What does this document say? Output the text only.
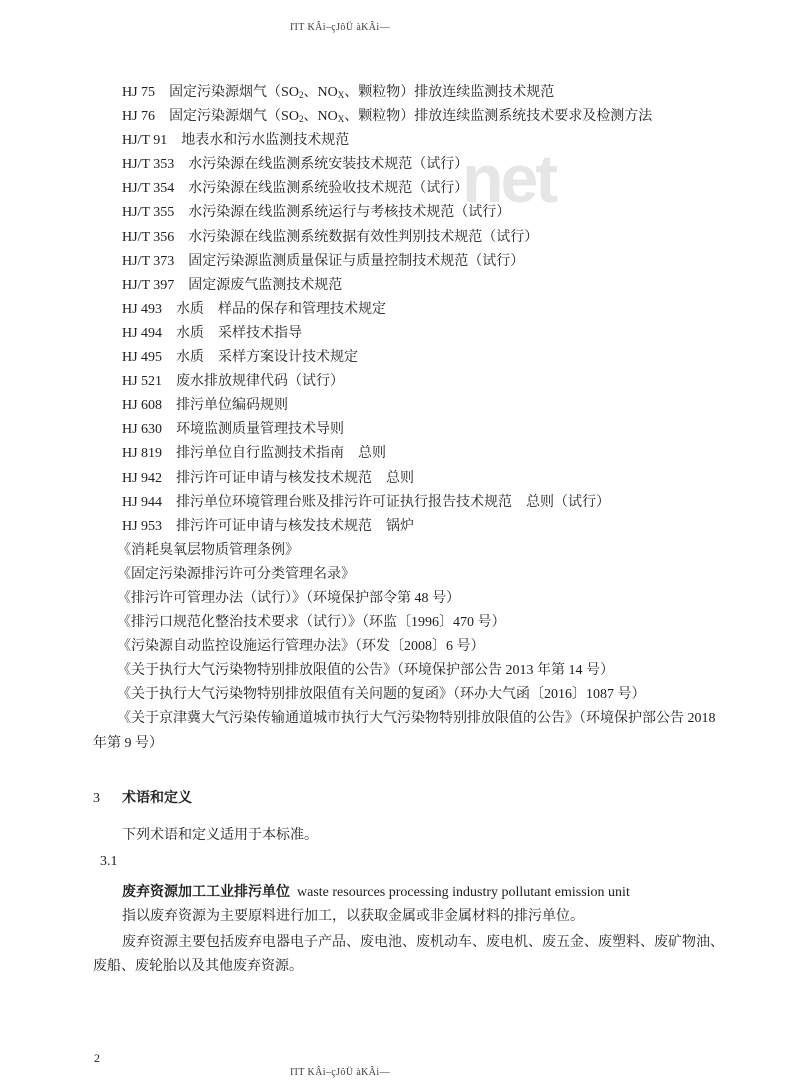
ΙΊΤ KÂi–çJôÜ àKÂi—
net
HJ 75 固定污染源烟气（$SO_2$、$NO_X$、颗粒物）排放连续监测技术规范
HJ 76 固定污染源烟气（$SO_2$、$NO_X$、颗粒物）排放连续监测系统技术要求及检测方法
HJ/T 91 地表水和污水监测技术规范
HJ/T 353 水污染源在线监测系统安装技术规范（试行）
HJ/T 354 水污染源在线监测系统验收技术规范（试行）
HJ/T 355 水污染源在线监测系统运行与考核技术规范（试行）
HJ/T 356 水污染源在线监测系统数据有效性判别技术规范（试行）
HJ/T 373 固定污染源监测质量保证与质量控制技术规范（试行）
HJ/T 397 固定源废气监测技术规范
HJ 493 水质　样品的保存和管理技术规定
HJ 494 水质　采样技术指导
HJ 495 水质　采样方案设计技术规定
HJ 521 废水排放规律代码（试行）
HJ 608 排污单位编码规则
HJ 630 环境监测质量管理技术导则
HJ 819 排污单位自行监测技术指南　总则
HJ 942 排污许可证申请与核发技术规范　总则
HJ 944 排污单位环境管理台账及排污许可证执行报告技术规范　总则（试行）
HJ 953 排污许可证申请与核发技术规范　锅炉
《消耗臭氧层物质管理条例》
《固定污染源排污许可分类管理名录》
《排污许可管理办法（试行）》（环境保护部令第 48 号）
《排污口规范化整治技术要求（试行）》（环监〔1996〕470 号）
《污染源自动监控设施运行管理办法》（环发〔2008〕6 号）
《关于执行大气污染物特别排放限值的公告》（环境保护部公告 2013 年第 14 号）
《关于执行大气污染物特别排放限值有关问题的复函》（环办大气函〔2016〕1087 号）
《关于京津冀大气污染传输通道城市执行大气污染物特别排放限值的公告》（环境保护部公告 2018
年第 9 号）
3 术语和定义
下列术语和定义适用于本标准。
3.1
废弃资源加工工业排污单位 waste resources processing industry pollutant emission unit
指以废弃资源为主要原料进行加工，以获取金属或非金属材料的排污单位。
废弃资源主要包括废弃电器电子产品、废电池、废机动车、废电机、废五金、废塑料、废矿物油、
废船、废轮胎以及其他废弃资源。
2
ΙΊΤ KÂi–çJôÜ àKÂi—
